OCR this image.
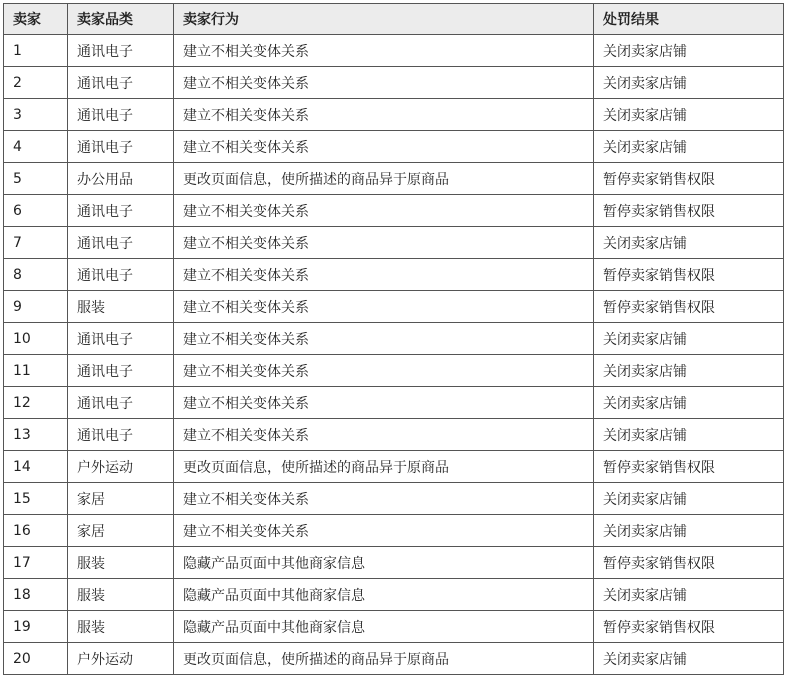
卖家	卖家品类	卖家行为	处罚结果
1	通讯电子	建立不相关变体关系	关闭卖家店铺
2	通讯电子	建立不相关变体关系	关闭卖家店铺
3	通讯电子	建立不相关变体关系	关闭卖家店铺
4	通讯电子	建立不相关变体关系	关闭卖家店铺
5	办公用品	更改页面信息，使所描述的商品异于原商品	暂停卖家销售权限
6	通讯电子	建立不相关变体关系	暂停卖家销售权限
7	通讯电子	建立不相关变体关系	关闭卖家店铺
8	通讯电子	建立不相关变体关系	暂停卖家销售权限
9	服装	建立不相关变体关系	暂停卖家销售权限
10	通讯电子	建立不相关变体关系	关闭卖家店铺
11	通讯电子	建立不相关变体关系	关闭卖家店铺
12	通讯电子	建立不相关变体关系	关闭卖家店铺
13	通讯电子	建立不相关变体关系	关闭卖家店铺
14	户外运动	更改页面信息，使所描述的商品异于原商品	暂停卖家销售权限
15	家居	建立不相关变体关系	关闭卖家店铺
16	家居	建立不相关变体关系	关闭卖家店铺
17	服装	隐藏产品页面中其他商家信息	暂停卖家销售权限
18	服装	隐藏产品页面中其他商家信息	关闭卖家店铺
19	服装	隐藏产品页面中其他商家信息	暂停卖家销售权限
20	户外运动	更改页面信息，使所描述的商品异于原商品	关闭卖家店铺
